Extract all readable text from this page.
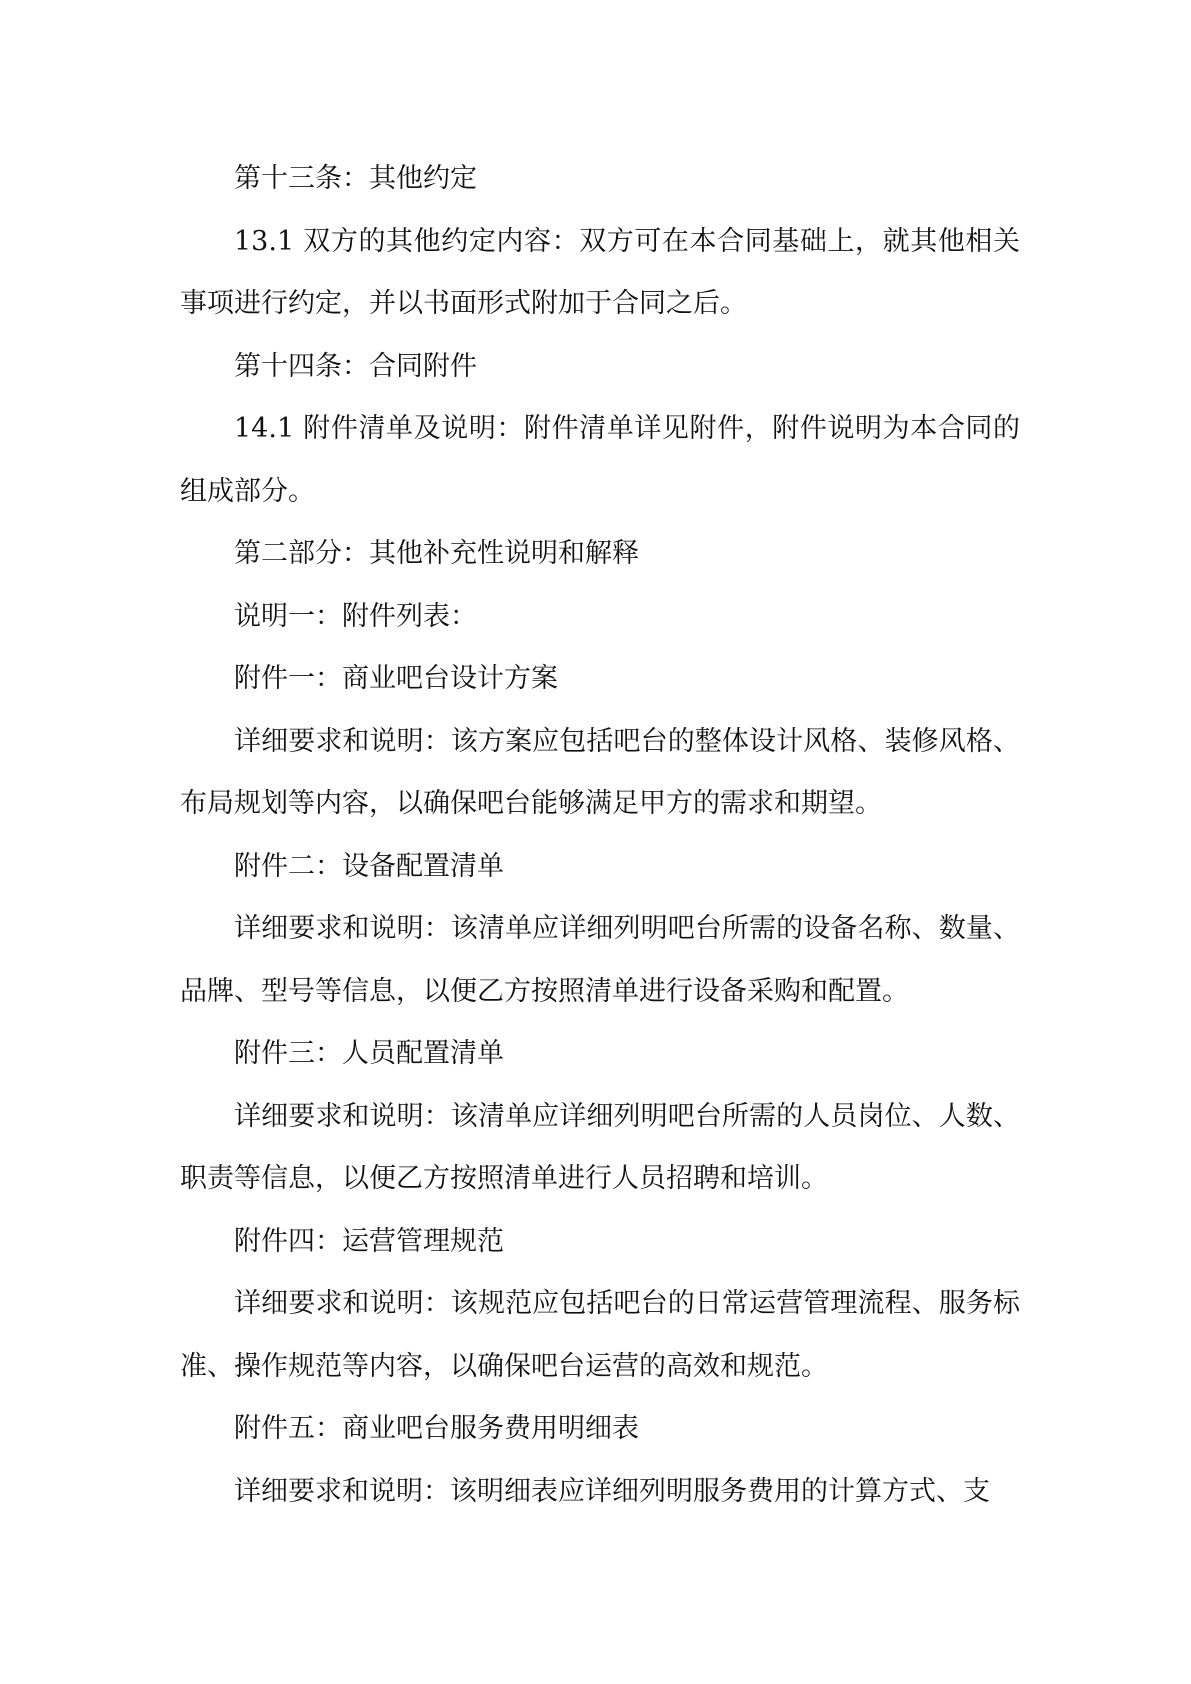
第十三条：其他约定

13.1 双方的其他约定内容：双方可在本合同基础上，就其他相关事项进行约定，并以书面形式附加于合同之后。

第十四条：合同附件

14.1 附件清单及说明：附件清单详见附件，附件说明为本合同的组成部分。

第二部分：其他补充性说明和解释

说明一：附件列表：

附件一：商业吧台设计方案

详细要求和说明：该方案应包括吧台的整体设计风格、装修风格、布局规划等内容，以确保吧台能够满足甲方的需求和期望。

附件二：设备配置清单

详细要求和说明：该清单应详细列明吧台所需的设备名称、数量、品牌、型号等信息，以便乙方按照清单进行设备采购和配置。

附件三：人员配置清单

详细要求和说明：该清单应详细列明吧台所需的人员岗位、人数、职责等信息，以便乙方按照清单进行人员招聘和培训。

附件四：运营管理规范

详细要求和说明：该规范应包括吧台的日常运营管理流程、服务标准、操作规范等内容，以确保吧台运营的高效和规范。

附件五：商业吧台服务费用明细表

详细要求和说明：该明细表应详细列明服务费用的计算方式、支
